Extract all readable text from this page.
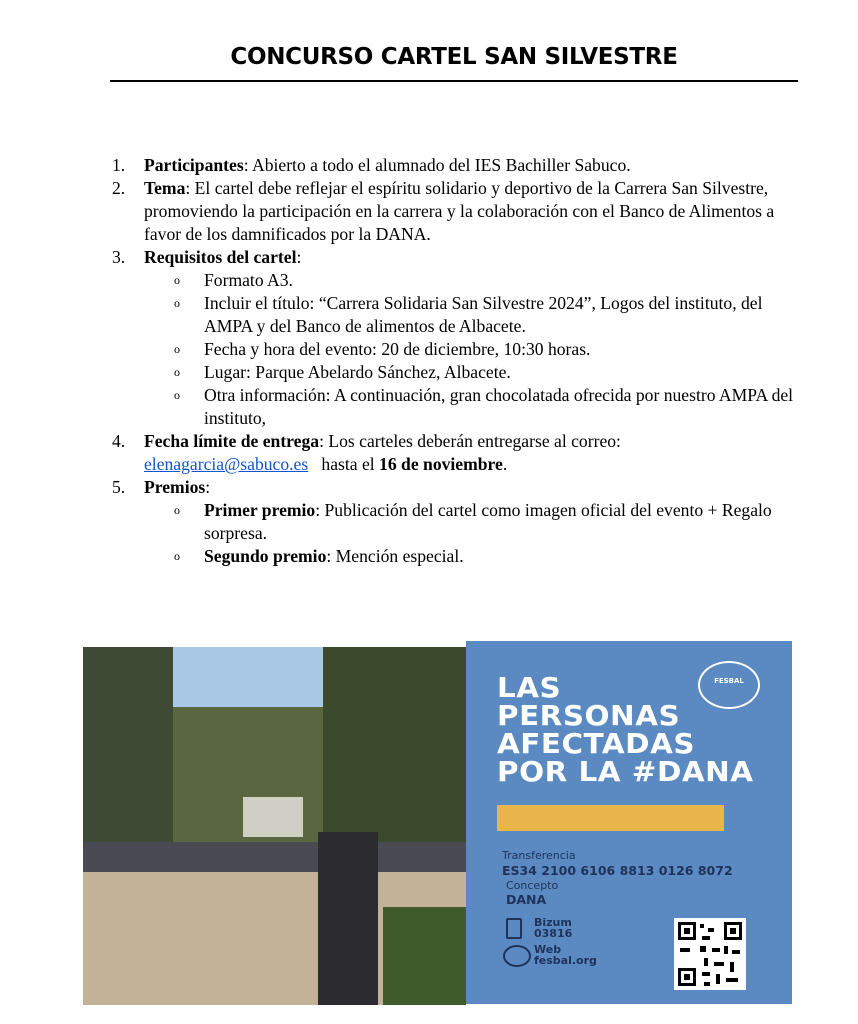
CONCURSO CARTEL SAN SILVESTRE
1. Participantes: Abierto a todo el alumnado del IES Bachiller Sabuco.
2. Tema: El cartel debe reflejar el espíritu solidario y deportivo de la Carrera San Silvestre, promoviendo la participación en la carrera y la colaboración con el Banco de Alimentos a favor de los damnificados por la DANA.
3. Requisitos del cartel:
o Formato A3.
o Incluir el título: “Carrera Solidaria San Silvestre 2024”, Logos del instituto, del AMPA y del Banco de alimentos de Albacete.
o Fecha y hora del evento: 20 de diciembre, 10:30 horas.
o Lugar: Parque Abelardo Sánchez, Albacete.
o Otra información: A continuación, gran chocolatada ofrecida por nuestro AMPA del instituto,
4. Fecha límite de entrega: Los carteles deberán entregarse al correo:
elenagarcia@sabuco.es   hasta el 16 de noviembre.
5. Premios:
o Primer premio: Publicación del cartel como imagen oficial del evento + Regalo sorpresa.
o Segundo premio: Mención especial.
FESBAL
LAS
PERSONAS
AFECTADAS
POR LA #DANA
Transferencia
ES34 2100 6106 8813 0126 8072
Concepto
DANA
Bizum
03816
Web
fesbal.org
